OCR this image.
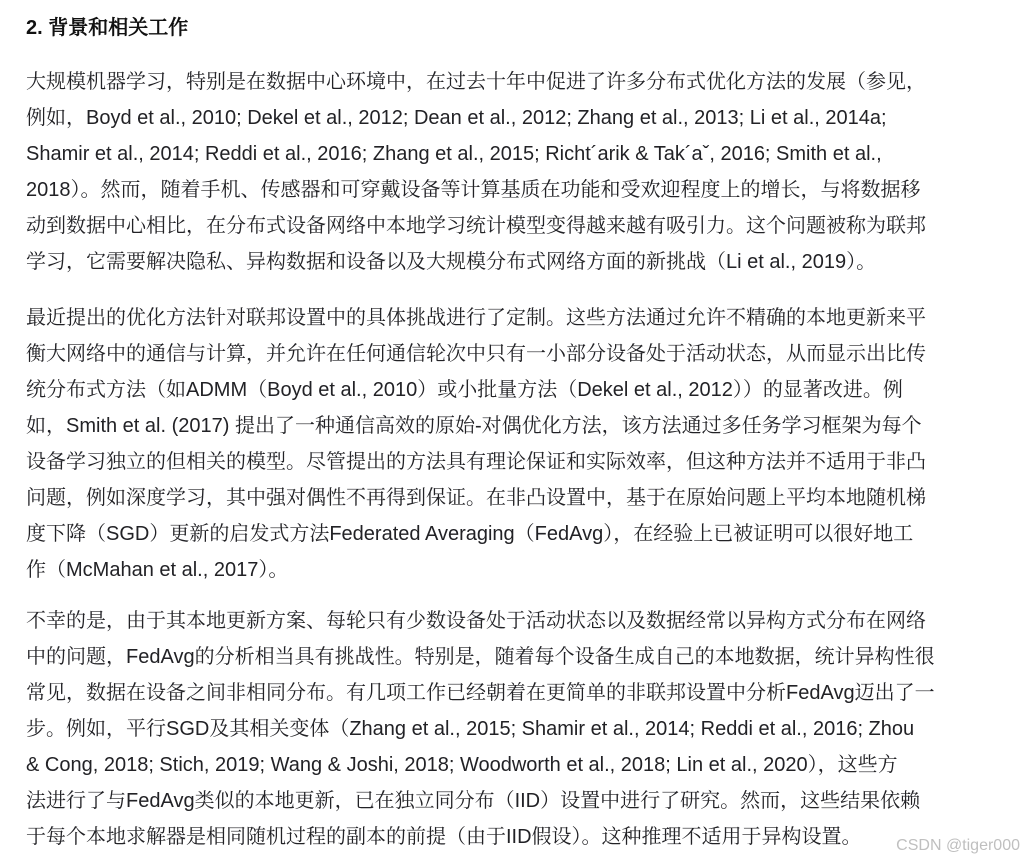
2. 背景和相关工作

大规模机器学习，特别是在数据中心环境中，在过去十年中促进了许多分布式优化方法的发展（参见，
例如，Boyd et al., 2010; Dekel et al., 2012; Dean et al., 2012; Zhang et al., 2013; Li et al., 2014a;
Shamir et al., 2014; Reddi et al., 2016; Zhang et al., 2015; Richt´arik & Tak´aˇ, 2016; Smith et al.,
2018）。然而，随着手机、传感器和可穿戴设备等计算基质在功能和受欢迎程度上的增长，与将数据移
动到数据中心相比，在分布式设备网络中本地学习统计模型变得越来越有吸引力。这个问题被称为联邦
学习，它需要解决隐私、异构数据和设备以及大规模分布式网络方面的新挑战（Li et al., 2019）。

最近提出的优化方法针对联邦设置中的具体挑战进行了定制。这些方法通过允许不精确的本地更新来平
衡大网络中的通信与计算，并允许在任何通信轮次中只有一小部分设备处于活动状态，从而显示出比传
统分布式方法（如ADMM（Boyd et al., 2010）或小批量方法（Dekel et al., 2012））的显著改进。例
如，Smith et al. (2017) 提出了一种通信高效的原始-对偶优化方法，该方法通过多任务学习框架为每个
设备学习独立的但相关的模型。尽管提出的方法具有理论保证和实际效率，但这种方法并不适用于非凸
问题，例如深度学习，其中强对偶性不再得到保证。在非凸设置中，基于在原始问题上平均本地随机梯
度下降（SGD）更新的启发式方法Federated Averaging（FedAvg），在经验上已被证明可以很好地工
作（McMahan et al., 2017）。

不幸的是，由于其本地更新方案、每轮只有少数设备处于活动状态以及数据经常以异构方式分布在网络
中的问题，FedAvg的分析相当具有挑战性。特别是，随着每个设备生成自己的本地数据，统计异构性很
常见，数据在设备之间非相同分布。有几项工作已经朝着在更简单的非联邦设置中分析FedAvg迈出了一
步。例如，平行SGD及其相关变体（Zhang et al., 2015; Shamir et al., 2014; Reddi et al., 2016; Zhou
& Cong, 2018; Stich, 2019; Wang & Joshi, 2018; Woodworth et al., 2018; Lin et al., 2020），这些方
法进行了与FedAvg类似的本地更新，已在独立同分布（IID）设置中进行了研究。然而，这些结果依赖
于每个本地求解器是相同随机过程的副本的前提（由于IID假设）。这种推理不适用于异构设置。	CSDN @tiger000
